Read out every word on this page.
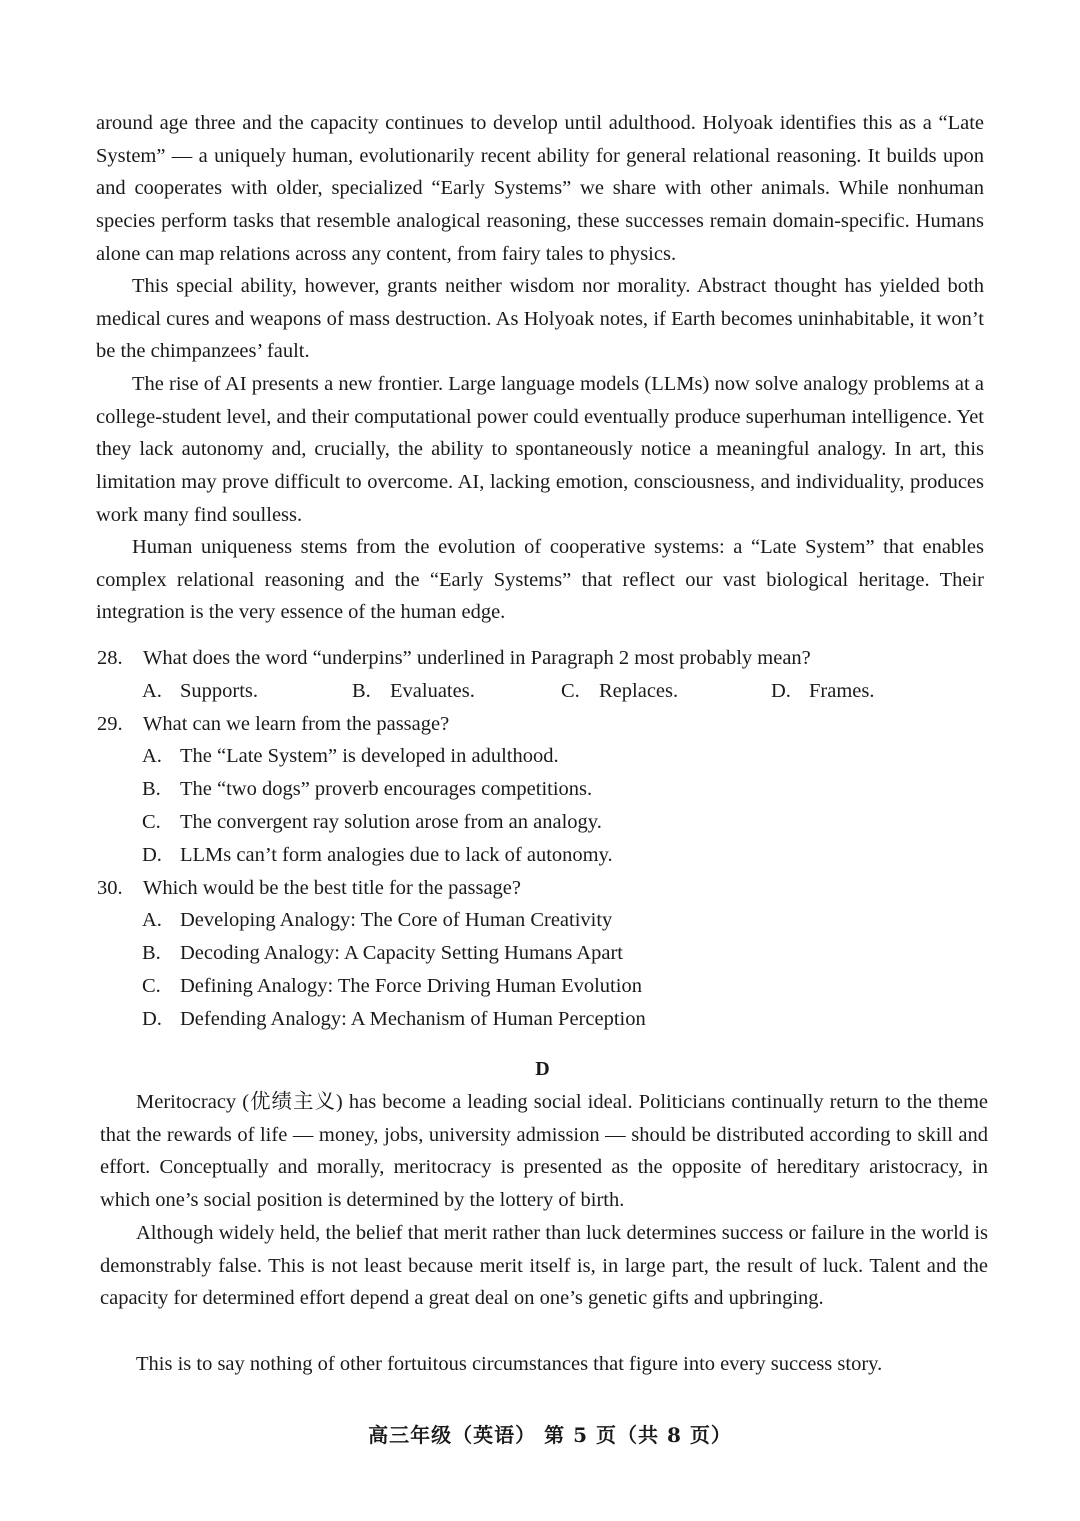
around age three and the capacity continues to develop until adulthood. Holyoak identifies this as a “Late System” — a uniquely human, evolutionarily recent ability for general relational reasoning. It builds upon and cooperates with older, specialized “Early Systems” we share with other animals. While nonhuman species perform tasks that resemble analogical reasoning, these successes remain domain-specific. Humans alone can map relations across any content, from fairy tales to physics.

This special ability, however, grants neither wisdom nor morality. Abstract thought has yielded both medical cures and weapons of mass destruction. As Holyoak notes, if Earth becomes uninhabitable, it won’t be the chimpanzees’ fault.

The rise of AI presents a new frontier. Large language models (LLMs) now solve analogy problems at a college-student level, and their computational power could eventually produce superhuman intelligence. Yet they lack autonomy and, crucially, the ability to spontaneously notice a meaningful analogy. In art, this limitation may prove difficult to overcome. AI, lacking emotion, consciousness, and individuality, produces work many find soulless.

Human uniqueness stems from the evolution of cooperative systems: a “Late System” that enables complex relational reasoning and the “Early Systems” that reflect our vast biological heritage. Their integration is the very essence of the human edge.

28. What does the word “underpins” underlined in Paragraph 2 most probably mean?
A. Supports.	B. Evaluates.	C. Replaces.	D. Frames.
29. What can we learn from the passage?
A. The “Late System” is developed in adulthood.
B. The “two dogs” proverb encourages competitions.
C. The convergent ray solution arose from an analogy.
D. LLMs can’t form analogies due to lack of autonomy.
30. Which would be the best title for the passage?
A. Developing Analogy: The Core of Human Creativity
B. Decoding Analogy: A Capacity Setting Humans Apart
C. Defining Analogy: The Force Driving Human Evolution
D. Defending Analogy: A Mechanism of Human Perception
D

Meritocracy (优绩主义) has become a leading social ideal. Politicians continually return to the theme that the rewards of life — money, jobs, university admission — should be distributed according to skill and effort. Conceptually and morally, meritocracy is presented as the opposite of hereditary aristocracy, in which one’s social position is determined by the lottery of birth.

Although widely held, the belief that merit rather than luck determines success or failure in the world is demonstrably false. This is not least because merit itself is, in large part, the result of luck. Talent and the capacity for determined effort depend a great deal on one’s genetic gifts and upbringing.

This is to say nothing of other fortuitous circumstances that figure into every success story.

高三年级（英语） 第 5 页（共 8 页）
